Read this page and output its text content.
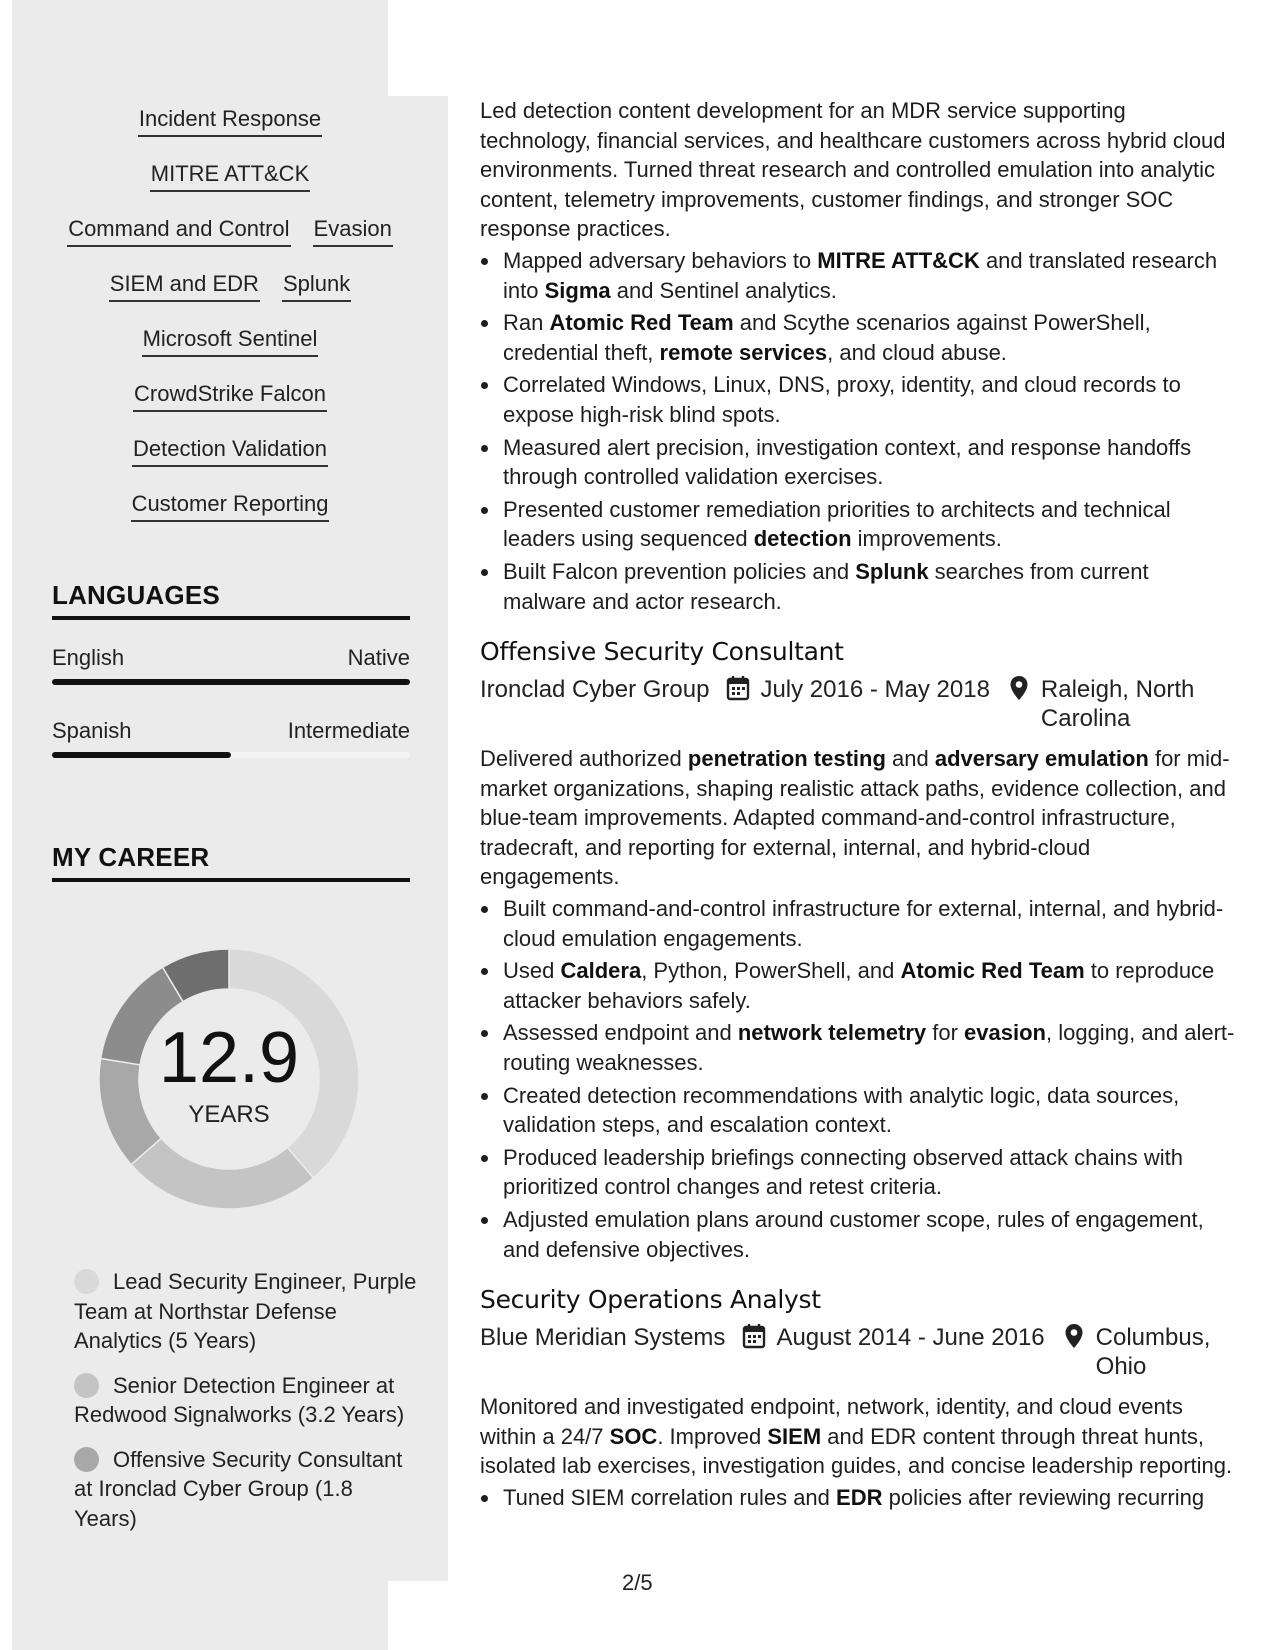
Incident Response
MITRE ATT&CK
Command and Control Evasion
SIEM and EDR Splunk
Microsoft Sentinel
CrowdStrike Falcon
Detection Validation
Customer Reporting
LANGUAGES
English	Native
Spanish	Intermediate
MY CAREER
12.9
YEARS
Lead Security Engineer, Purple Team at Northstar Defense Analytics (5 Years)
Senior Detection Engineer at Redwood Signalworks (3.2 Years)
Offensive Security Consultant at Ironclad Cyber Group (1.8 Years)
Led detection content development for an MDR service supporting technology, financial services, and healthcare customers across hybrid cloud environments. Turned threat research and controlled emulation into analytic content, telemetry improvements, customer findings, and stronger SOC response practices.
Mapped adversary behaviors to MITRE ATT&CK and translated research into Sigma and Sentinel analytics.
Ran Atomic Red Team and Scythe scenarios against PowerShell, credential theft, remote services, and cloud abuse.
Correlated Windows, Linux, DNS, proxy, identity, and cloud records to expose high-risk blind spots.
Measured alert precision, investigation context, and response handoffs through controlled validation exercises.
Presented customer remediation priorities to architects and technical leaders using sequenced detection improvements.
Built Falcon prevention policies and Splunk searches from current malware and actor research.
Offensive Security Consultant
Ironclad Cyber Group July 2016 - May 2018 Raleigh, North Carolina
Delivered authorized penetration testing and adversary emulation for mid-market organizations, shaping realistic attack paths, evidence collection, and blue-team improvements. Adapted command-and-control infrastructure, tradecraft, and reporting for external, internal, and hybrid-cloud engagements.
Built command-and-control infrastructure for external, internal, and hybrid-cloud emulation engagements.
Used Caldera, Python, PowerShell, and Atomic Red Team to reproduce attacker behaviors safely.
Assessed endpoint and network telemetry for evasion, logging, and alert-routing weaknesses.
Created detection recommendations with analytic logic, data sources, validation steps, and escalation context.
Produced leadership briefings connecting observed attack chains with prioritized control changes and retest criteria.
Adjusted emulation plans around customer scope, rules of engagement, and defensive objectives.
Security Operations Analyst
Blue Meridian Systems August 2014 - June 2016 Columbus, Ohio
Monitored and investigated endpoint, network, identity, and cloud events within a 24/7 SOC. Improved SIEM and EDR content through threat hunts, isolated lab exercises, investigation guides, and concise leadership reporting.
Tuned SIEM correlation rules and EDR policies after reviewing recurring
2/5
